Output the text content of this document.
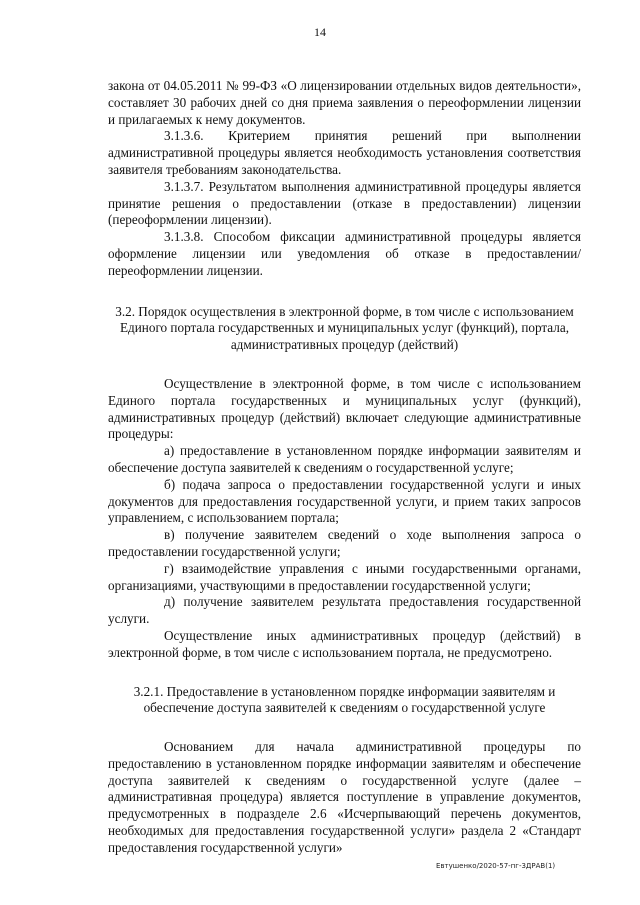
14

закона от 04.05.2011 № 99-ФЗ «О лицензировании отдельных видов деятельности», составляет 30 рабочих дней со дня приема заявления о переоформлении лицензии и прилагаемых к нему документов.

3.1.3.6. Критерием принятия решений при выполнении административной процедуры является необходимость установления соответствия заявителя требованиям законодательства.

3.1.3.7. Результатом выполнения административной процедуры является принятие решения о предоставлении (отказе в предоставлении) лицензии (переоформлении лицензии).

3.1.3.8. Способом фиксации административной процедуры является оформление лицензии или уведомления об отказе в предоставлении/переоформлении лицензии.

3.2. Порядок осуществления в электронной форме, в том числе с использованием Единого портала государственных и муниципальных услуг (функций), портала, административных процедур (действий)

Осуществление в электронной форме, в том числе с использованием Единого портала государственных и муниципальных услуг (функций), административных процедур (действий) включает следующие административные процедуры:

а) предоставление в установленном порядке информации заявителям и обеспечение доступа заявителей к сведениям о государственной услуге;

б) подача запроса о предоставлении государственной услуги и иных документов для предоставления государственной услуги, и прием таких запросов управлением, с использованием портала;

в) получение заявителем сведений о ходе выполнения запроса о предоставлении государственной услуги;

г) взаимодействие управления с иными государственными органами, организациями, участвующими в предоставлении государственной услуги;

д) получение заявителем результата предоставления государственной услуги.

Осуществление иных административных процедур (действий) в электронной форме, в том числе с использованием портала, не предусмотрено.

3.2.1. Предоставление в установленном порядке информации заявителям и обеспечение доступа заявителей к сведениям о государственной услуге

Основанием для начала административной процедуры по предоставлению в установленном порядке информации заявителям и обеспечение доступа заявителей к сведениям о государственной услуге (далее – административная процедура) является поступление в управление документов, предусмотренных в подразделе 2.6 «Исчерпывающий перечень документов, необходимых для предоставления государственной услуги» раздела 2 «Стандарт предоставления государственной услуги»

Евтушенко/2020-57-пг-3ДРАВ(1)
